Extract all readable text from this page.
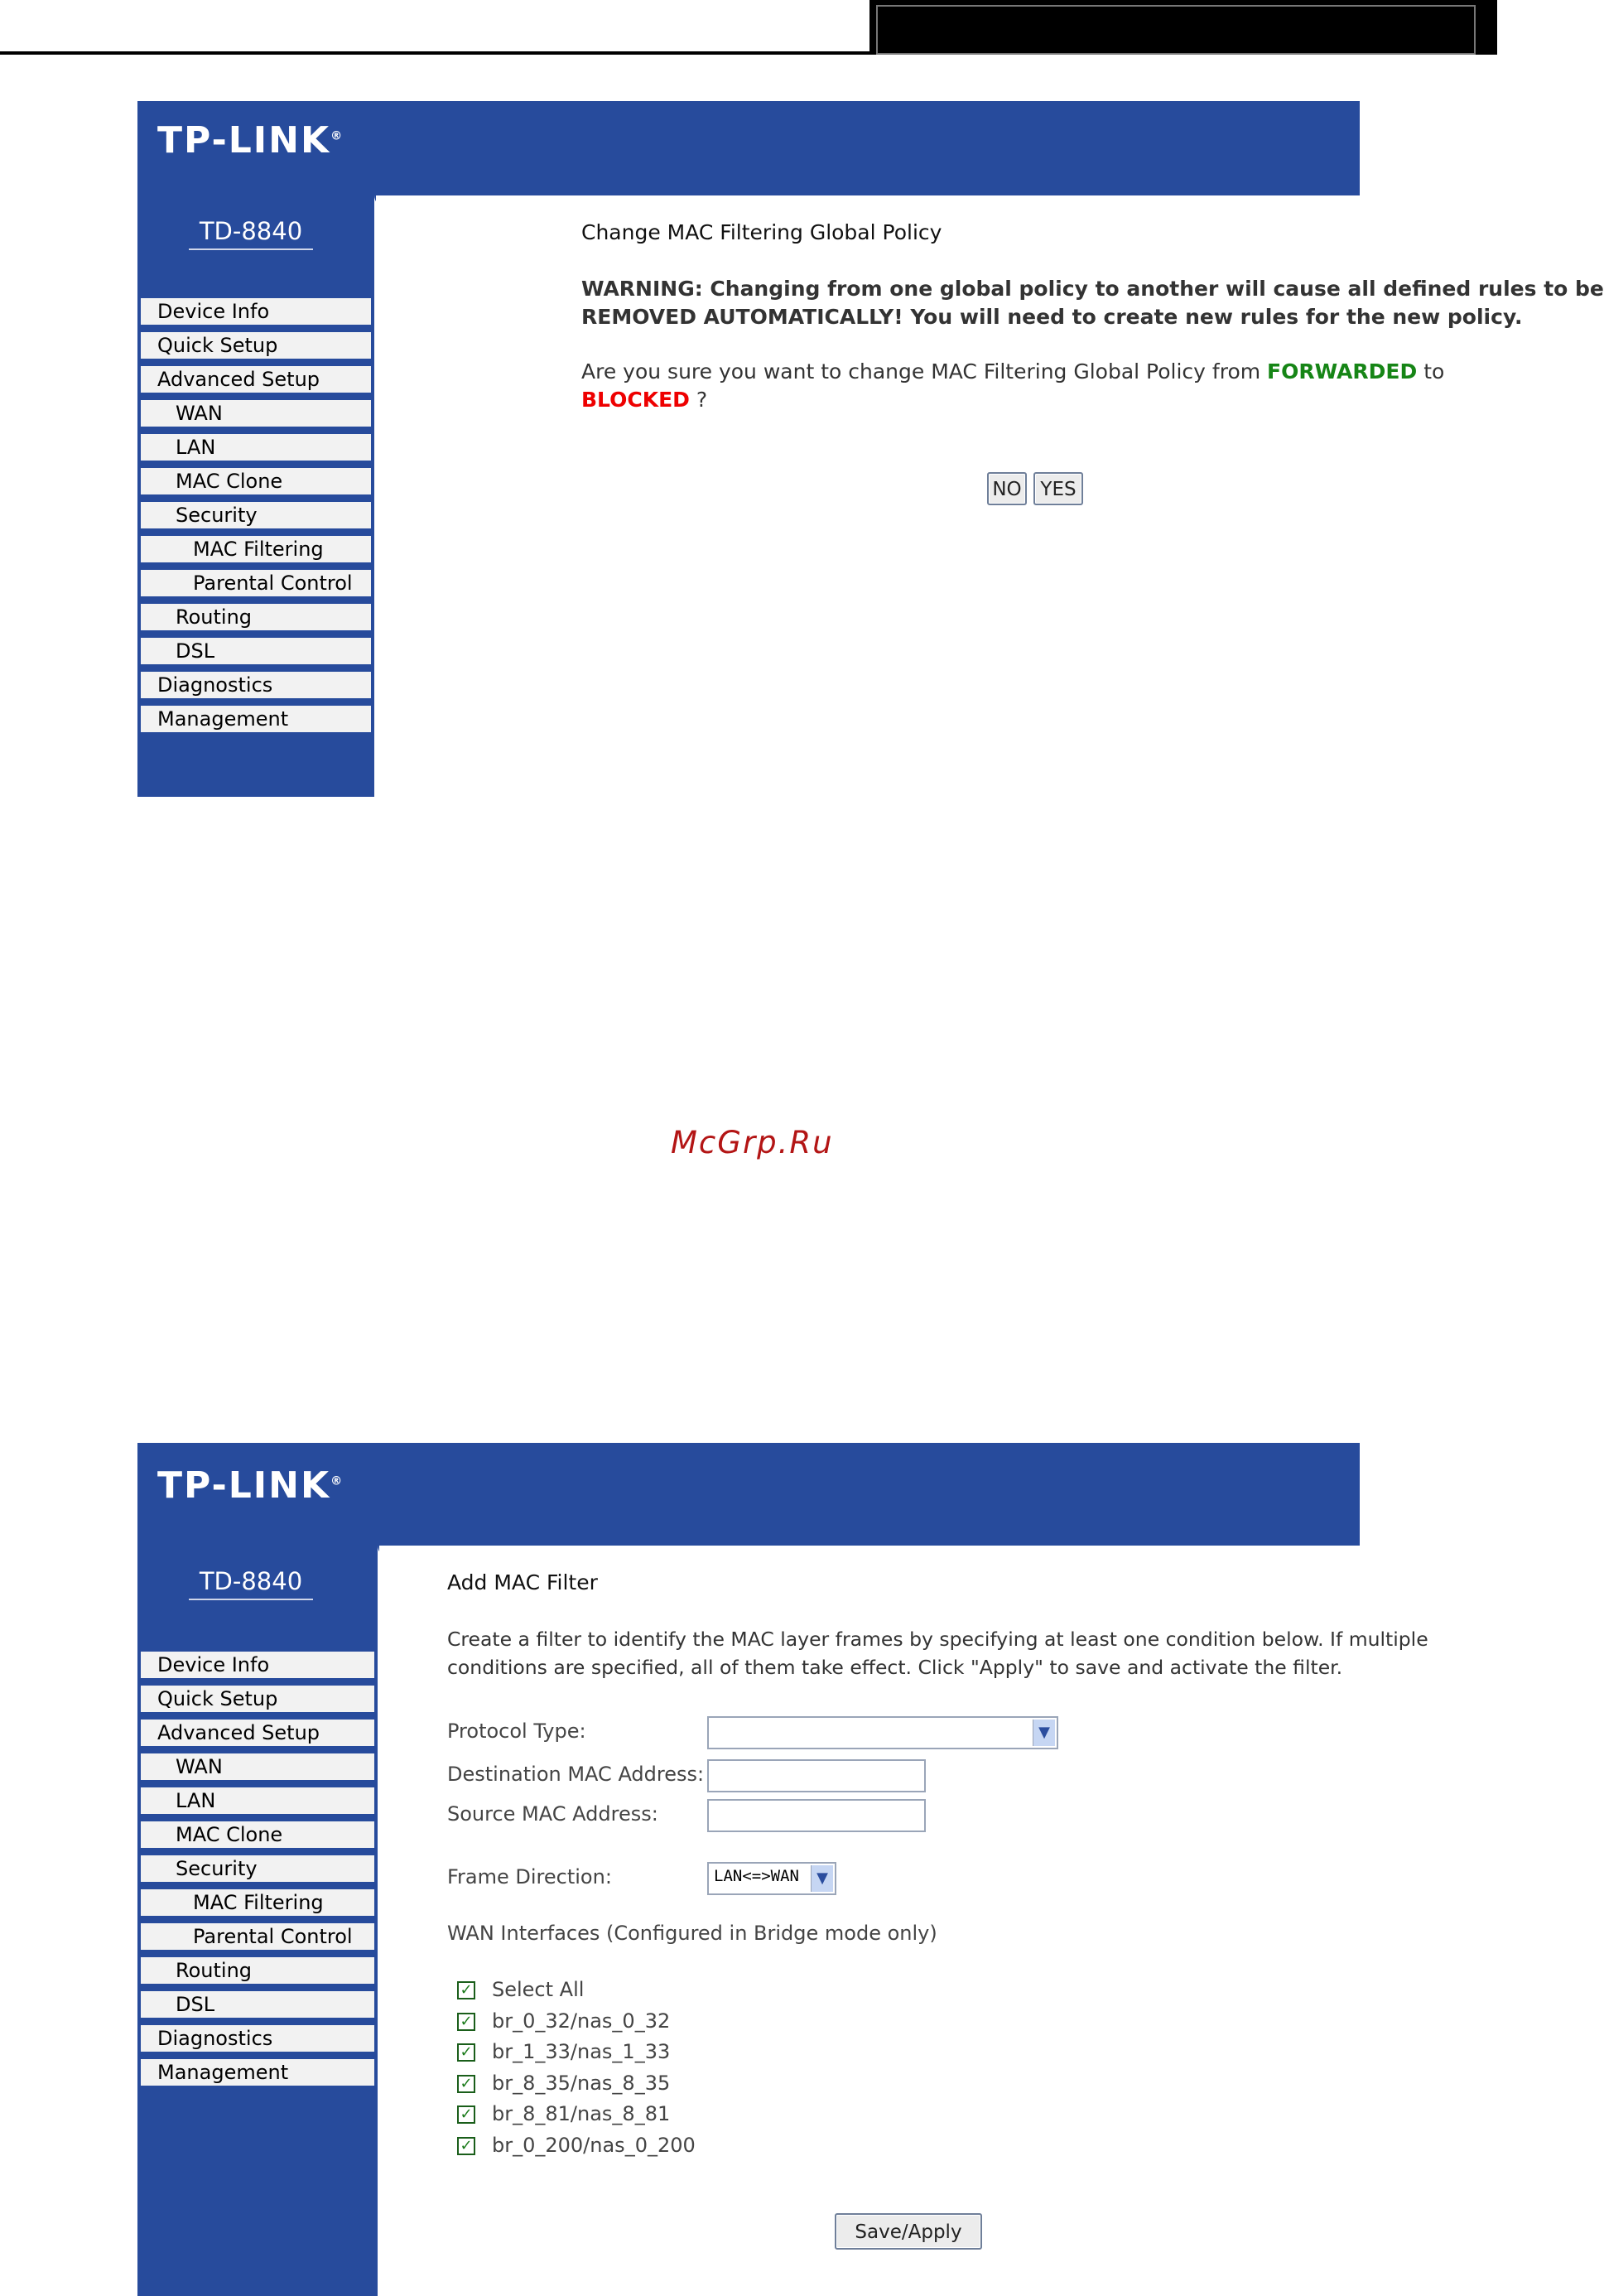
TP-LINK®
TD-8840
Device Info
Quick Setup
Advanced Setup
WAN
LAN
MAC Clone
Security
MAC Filtering
Parental Control
Routing
DSL
Diagnostics
Management
Change MAC Filtering Global Policy
WARNING: Changing from one global policy to another will cause all defined rules to be
REMOVED AUTOMATICALLY! You will need to create new rules for the new policy.
Are you sure you want to change MAC Filtering Global Policy from FORWARDED to
BLOCKED ?
NO YES
McGrp.Ru
TP-LINK®
TD-8840
Device Info
Quick Setup
Advanced Setup
WAN
LAN
MAC Clone
Security
MAC Filtering
Parental Control
Routing
DSL
Diagnostics
Management
Add MAC Filter
Create a filter to identify the MAC layer frames by specifying at least one condition below. If multiple
conditions are specified, all of them take effect. Click "Apply" to save and activate the filter.
Protocol Type:	▼
Destination MAC Address:
Source MAC Address:
Frame Direction:	LAN<=>WAN	▼
WAN Interfaces (Configured in Bridge mode only)
✓ Select All
✓ br_0_32/nas_0_32
✓ br_1_33/nas_1_33
✓ br_8_35/nas_8_35
✓ br_8_81/nas_8_81
✓ br_0_200/nas_0_200
Save/Apply
